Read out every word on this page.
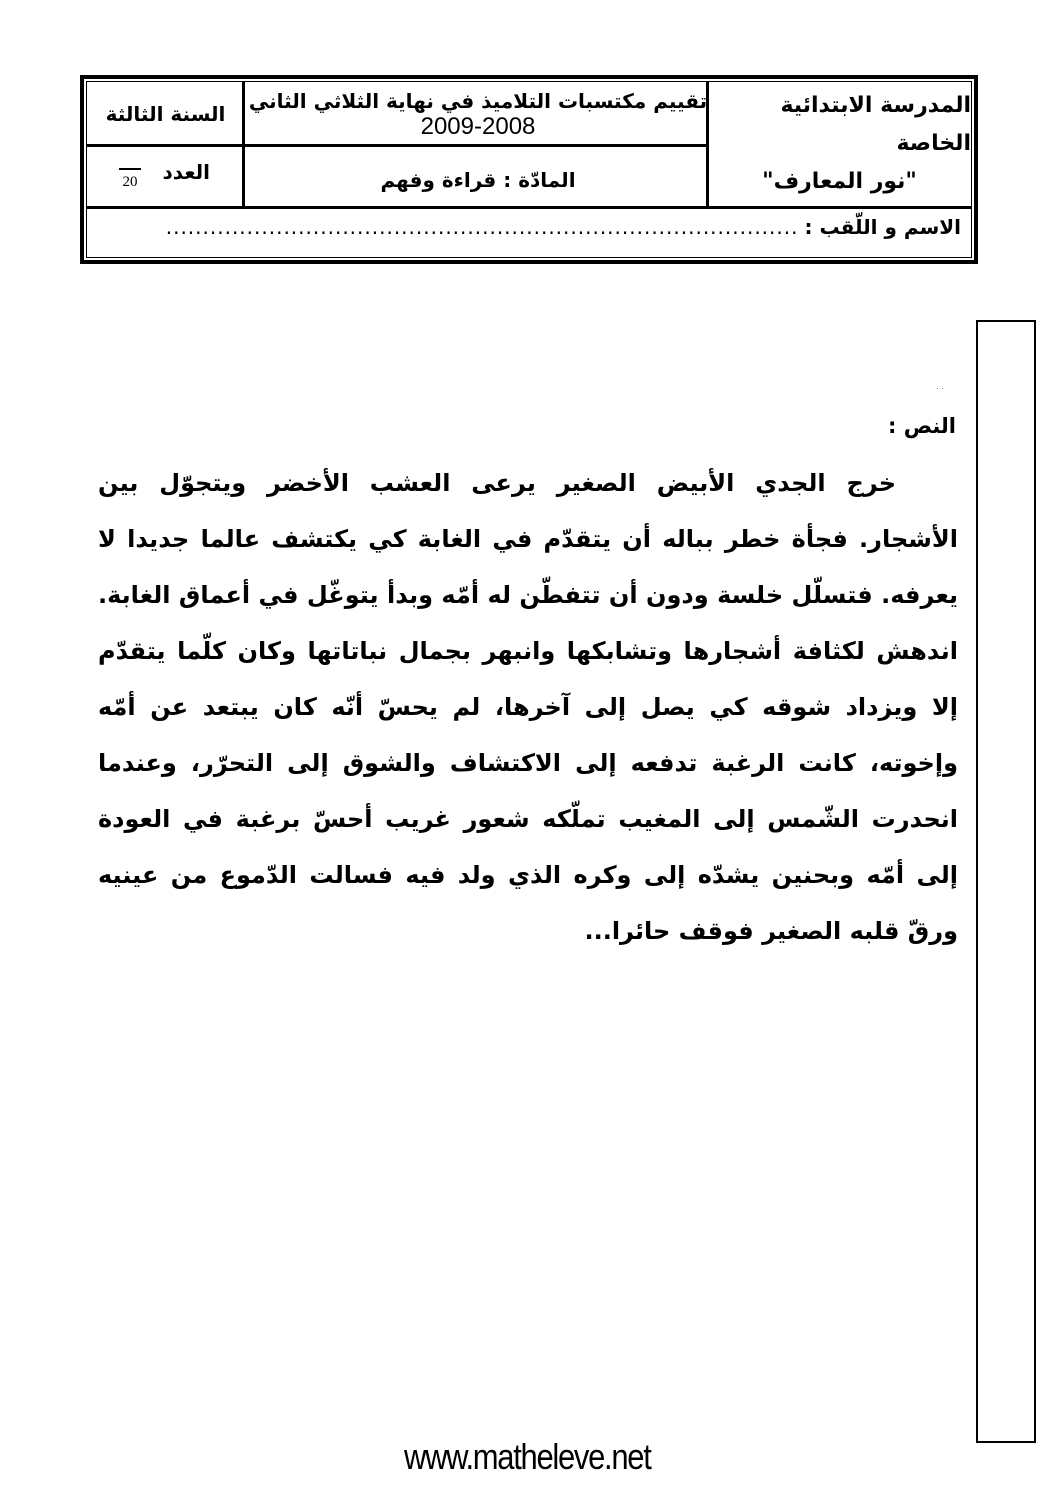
المدرسة الابتدائية الخاصة
"نور المعارف"
تقييم مكتسبات التلاميذ في نهاية الثلاثي الثاني
2009-2008
المادّة : قراءة وفهم
السنة الثالثة
العدد
20
الاسم و اللّقب :
......................................................................................
. .
النص :

خرج الجدي الأبيض الصغير يرعى العشب الأخضر ويتجوّل بين الأشجار. فجأة خطر بباله أن يتقدّم في الغابة كي يكتشف عالما جديدا لا يعرفه. فتسلّل خلسة ودون أن تتفطّن له أمّه وبدأ يتوغّل في أعماق الغابة. اندهش لكثافة أشجارها وتشابكها وانبهر بجمال نباتاتها وكان كلّما يتقدّم إلا ويزداد شوقه كي يصل إلى آخرها، لم يحسّ أنّه كان يبتعد عن أمّه وإخوته، كانت الرغبة تدفعه إلى الاكتشاف والشوق إلى التحرّر، وعندما انحدرت الشّمس إلى المغيب تملّكه شعور غريب أحسّ برغبة في العودة إلى أمّه وبحنين يشدّه إلى وكره الذي ولد فيه فسالت الدّموع من عينيه ورقّ قلبه الصغير فوقف حائرا...

www.matheleve.net
